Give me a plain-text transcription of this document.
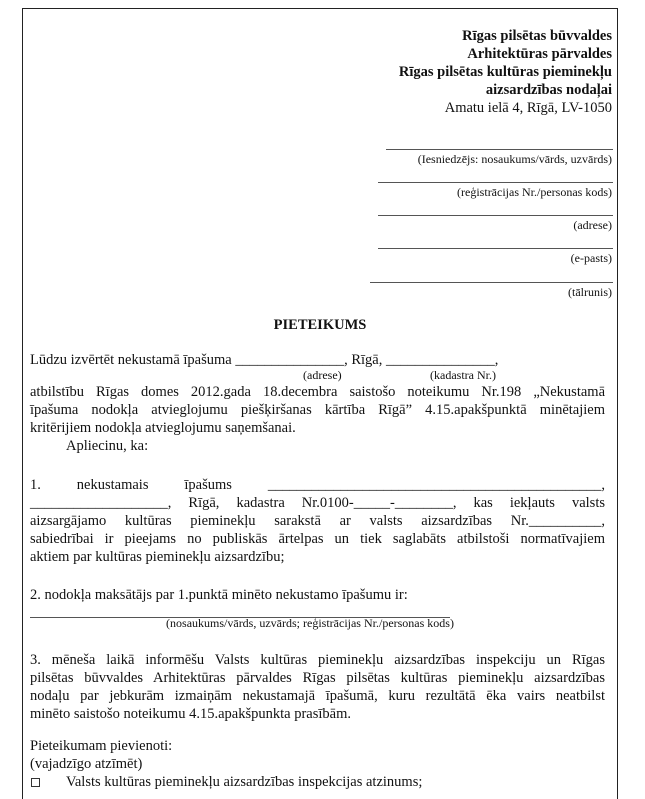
Rīgas pilsētas būvvaldes
Arhitektūras pārvaldes
Rīgas pilsētas kultūras pieminekļu
aizsardzības nodaļai
Amatu ielā 4, Rīgā, LV-1050
(Iesniedzējs: nosaukums/vārds, uzvārds)
(reģistrācijas Nr./personas kods)
(adrese)
(e-pasts)
(tālrunis)
PIETEIKUMS
Lūdzu izvērtēt nekustamā īpašuma _______________, Rīgā, _______________,
(adrese)	(kadastra Nr.)
atbilstību Rīgas domes 2012.gada 18.decembra saistošo noteikumu Nr.198 „Nekustamā
īpašuma nodokļa atvieglojumu piešķiršanas kārtība Rīgā” 4.15.apakšpunktā minētajiem
kritērijiem nodokļa atvieglojumu saņemšanai.
Apliecinu, ka:
1.    nekustamais    īpašums    ______________________________________________,
___________________, Rīgā, kadastra Nr.0100-_____-________, kas iekļauts valsts
aizsargājamo kultūras pieminekļu sarakstā ar valsts aizsardzības Nr.__________,
sabiedrībai ir pieejams no publiskās ārtelpas un tiek saglabāts atbilstoši normatīvajiem
aktiem par kultūras pieminekļu aizsardzību;
2. nodokļa maksātājs par 1.punktā minēto nekustamo īpašumu ir:
(nosaukums/vārds, uzvārds; reģistrācijas Nr./personas kods)
3. mēneša laikā informēšu Valsts kultūras pieminekļu aizsardzības inspekciju un Rīgas
pilsētas būvvaldes Arhitektūras pārvaldes Rīgas pilsētas kultūras pieminekļu aizsardzības
nodaļu par jebkurām izmaiņām nekustamajā īpašumā, kuru rezultātā ēka vairs neatbilst
minēto saistošo noteikumu 4.15.apakšpunkta prasībām.
Pieteikumam pievienoti:
(vajadzīgo atzīmēt)
Valsts kultūras pieminekļu aizsardzības inspekcijas atzinums;
